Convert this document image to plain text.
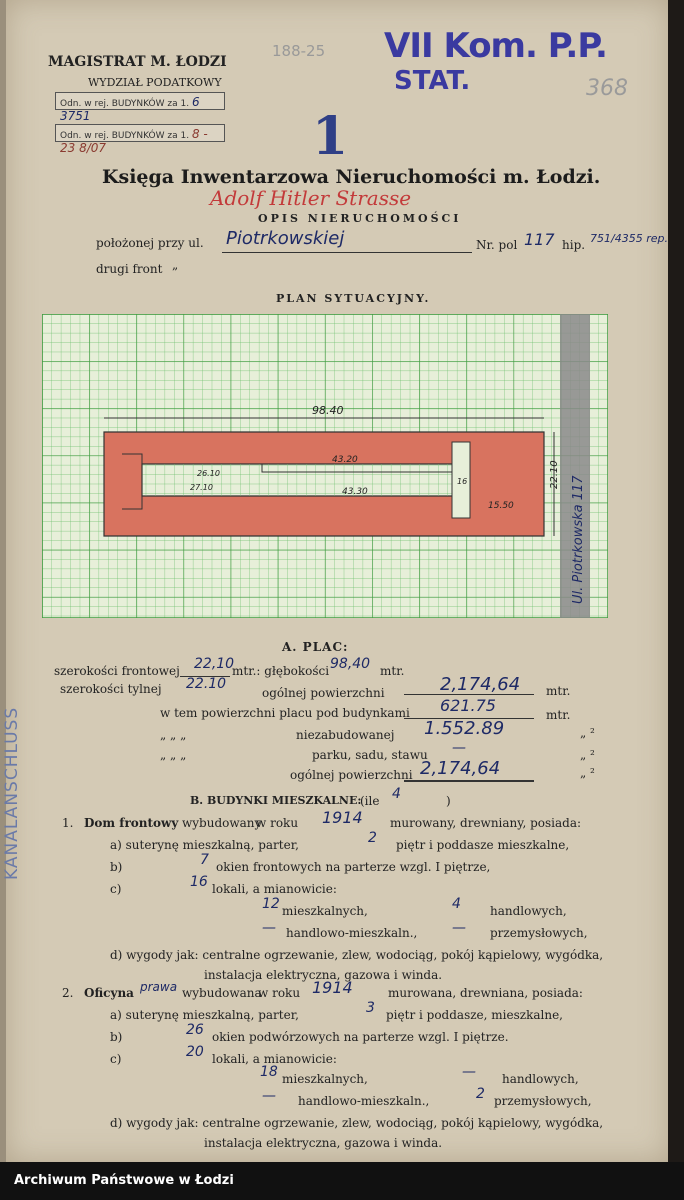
MAGISTRAT M. ŁODZI
WYDZIAŁ PODATKOWY
Odn. w rej. BUDYNKÓW za 1. 6 3751
Odn. w rej. BUDYNKÓW za 1. 8 - 23 8/07
188-25
1
VII Kom. P.P.
STAT.	368
Księga Inwentarzowa Nieruchomości m. Łodzi.
Adolf Hitler Strasse
OPIS NIERUCHOMOŚCI
położonej przy ul. Piotrkowskiej	Nr. pol 117 hip. 751/4355 rep.
drugi front „
PLAN SYTUACYJNY.
98.40
22.10
43.20
43.30
26.10
27.10
15.50
16	Ul. Piotrkowska 117
KANALANSCHLUSS
A. PLAC:
szerokości frontowej 22,10
mtr.: głębokości 98,40 mtr.
szerokości tylnej 22.10
ogólnej powierzchni	2,174,64 mtr.
w tem powierzchni placu pod budynkami 621.75	mtr.
„ „ „	niezabudowanej 1.552.89	„ ²
„ „ „	parku, sadu, stawu —	„ ²
ogólnej powierzchni 2,174,64	„ ²
B. BUDYNKI MIESZKALNE:
(ile 4	)
1. Dom frontowy wybudowany
w roku 1914 murowany, drewniany, posiada:
a) suterynę mieszkalną, parter,	2 piętr i poddasze mieszkalne,
b)	7 okien frontowych na parterze wzgl. I piętrze,
c)	16 lokali, a mianowicie:
12 mieszkalnych,	4 handlowych,
— handlowo-mieszkaln., — przemysłowych,
d) wygody jak: centralne ogrzewanie, zlew, wodociąg, pokój kąpielowy, wygódka,
instalacja elektryczna, gazowa i winda.
2. Oficyna prawa wybudowana
w roku 1914	murowana, drewniana, posiada:
a) suterynę mieszkalną, parter,	3 piętr i poddasze, mieszkalne,
b)	26 okien podwórzowych na parterze wzgl. I piętrze.
c)	20 lokali, a mianowicie:
18 mieszkalnych,	— handlowych,
— handlowo-mieszkaln.,	2 przemysłowych,
d) wygody jak: centralne ogrzewanie, zlew, wodociąg, pokój kąpielowy, wygódka,
instalacja elektryczna, gazowa i winda.
Archiwum Państwowe w Łodzi
